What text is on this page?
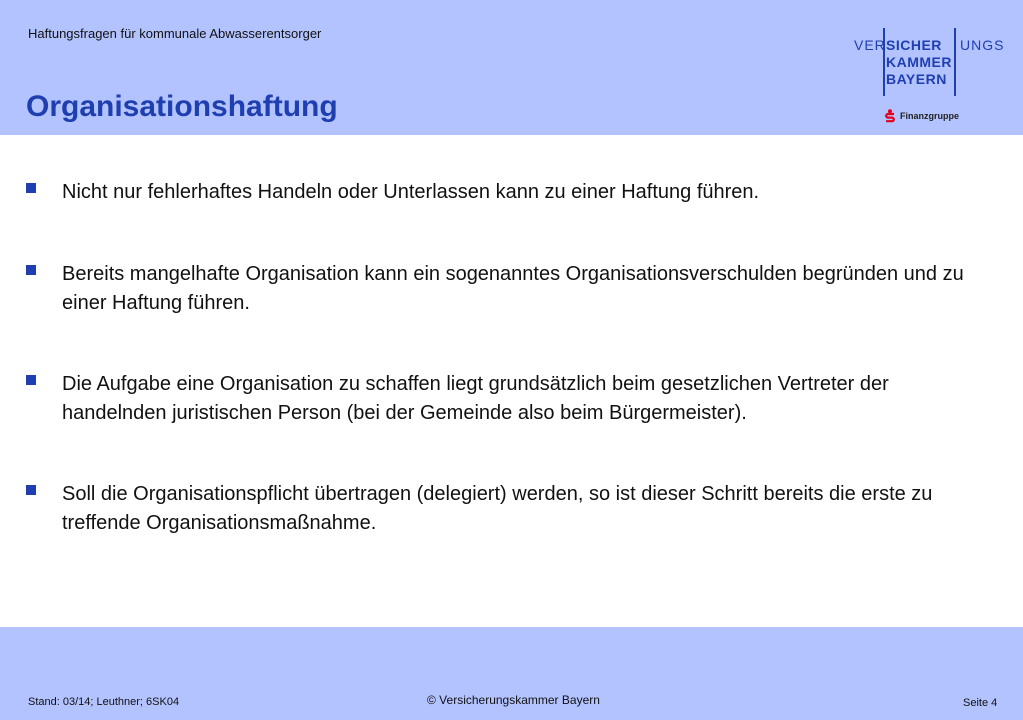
Haftungsfragen für kommunale Abwasserentsorger
Organisationshaftung
VER SICHER UNGS
KAMMER
BAYERN
Finanzgruppe
Nicht nur fehlerhaftes Handeln oder Unterlassen kann zu einer Haftung führen.
Bereits mangelhafte Organisation kann ein sogenanntes Organisationsverschulden begründen und zu einer Haftung führen.
Die Aufgabe eine Organisation zu schaffen liegt grundsätzlich beim gesetzlichen Vertreter der handelnden juristischen Person (bei der Gemeinde also beim Bürgermeister).
Soll die Organisationspflicht übertragen (delegiert) werden, so ist dieser Schritt bereits die erste zu treffende Organisationsmaßnahme.
Stand: 03/14; Leuthner; 6SK04	© Versicherungskammer Bayern	Seite 4
